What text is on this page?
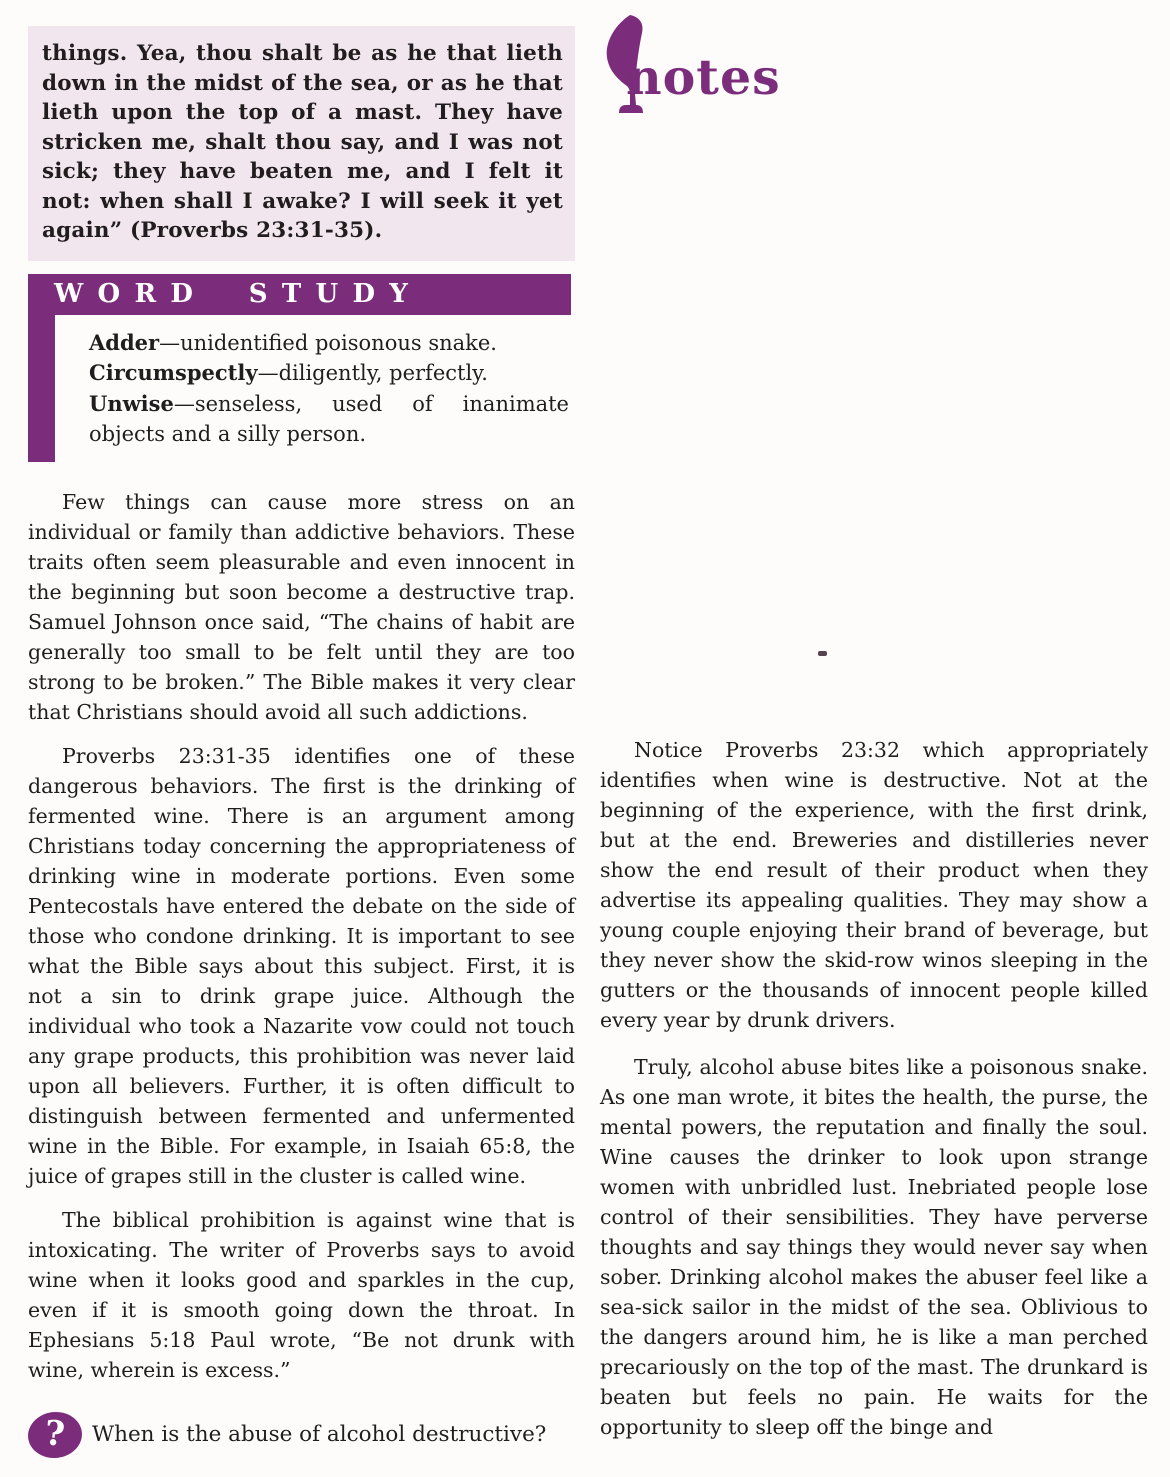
things. Yea, thou shalt be as he that lieth down in the midst of the sea, or as he that lieth upon the top of a mast. They have stricken me, shalt thou say, and I was not sick; they have beaten me, and I felt it not: when shall I awake? I will seek it yet again” (Proverbs 23:31-35).
WORD STUDY
Adder—unidentified poisonous snake.
Circumspectly—diligently, perfectly.
Unwise—senseless, used of inanimate objects and a silly person.
Few things can cause more stress on an individual or family than addictive behaviors. These traits often seem pleasurable and even innocent in the beginning but soon become a destructive trap. Samuel Johnson once said, “The chains of habit are generally too small to be felt until they are too strong to be broken.” The Bible makes it very clear that Christians should avoid all such addictions.
Proverbs 23:31-35 identifies one of these dangerous behaviors. The first is the drinking of fermented wine. There is an argument among Christians today concerning the appropriateness of drinking wine in moderate portions. Even some Pentecostals have entered the debate on the side of those who condone drinking. It is important to see what the Bible says about this subject. First, it is not a sin to drink grape juice. Although the individual who took a Nazarite vow could not touch any grape products, this prohibition was never laid upon all believers. Further, it is often difficult to distinguish between fermented and unfermented wine in the Bible. For example, in Isaiah 65:8, the juice of grapes still in the cluster is called wine.
The biblical prohibition is against wine that is intoxicating. The writer of Proverbs says to avoid wine when it looks good and sparkles in the cup, even if it is smooth going down the throat. In Ephesians 5:18 Paul wrote, “Be not drunk with wine, wherein is excess.”
?	When is the abuse of alcohol destructive?
notes
Notice Proverbs 23:32 which appropriately identifies when wine is destructive. Not at the beginning of the experience, with the first drink, but at the end. Breweries and distilleries never show the end result of their product when they advertise its appealing qualities. They may show a young couple enjoying their brand of beverage, but they never show the skid-row winos sleeping in the gutters or the thousands of innocent people killed every year by drunk drivers.
Truly, alcohol abuse bites like a poisonous snake. As one man wrote, it bites the health, the purse, the mental powers, the reputation and finally the soul. Wine causes the drinker to look upon strange women with unbridled lust. Inebriated people lose control of their sensibilities. They have perverse thoughts and say things they would never say when sober. Drinking alcohol makes the abuser feel like a sea-sick sailor in the midst of the sea. Oblivious to the dangers around him, he is like a man perched precariously on the top of the mast. The drunkard is beaten but feels no pain. He waits for the opportunity to sleep off the binge and
